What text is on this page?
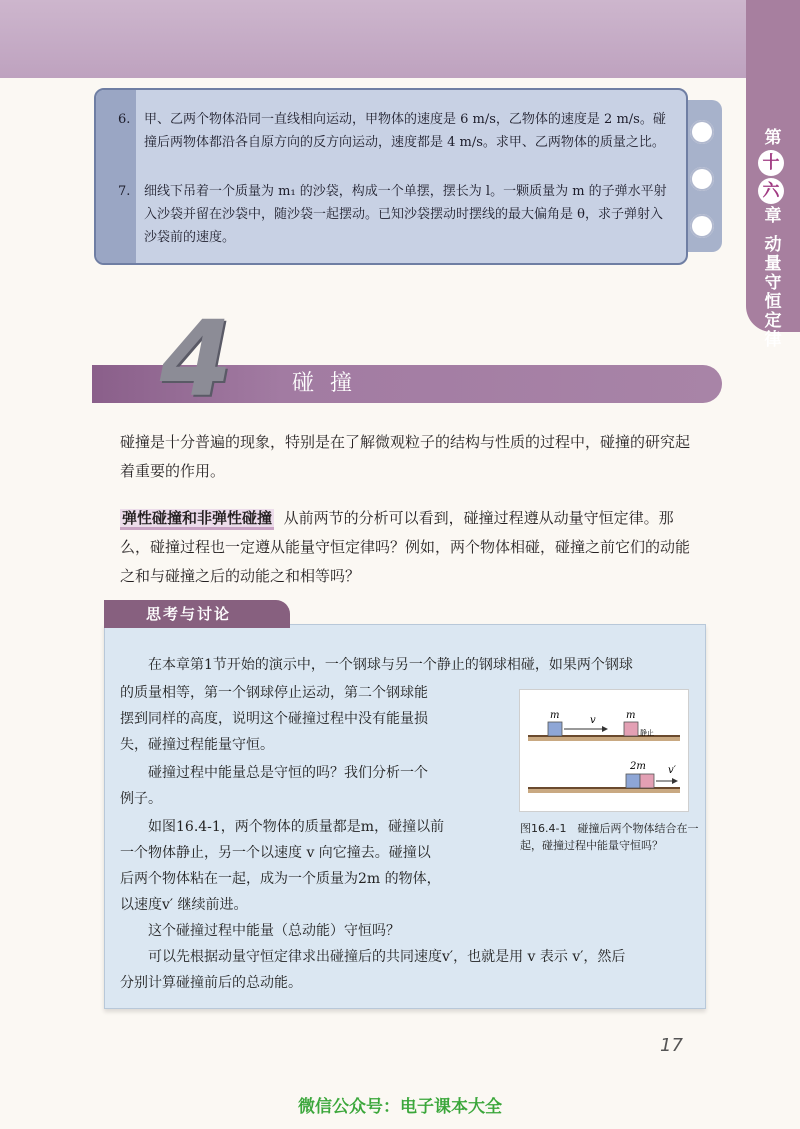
第
十
六
章
动
量
守
恒
定
律
6.	甲、乙两个物体沿同一直线相向运动，甲物体的速度是 6 m/s，乙物体的速度是 2 m/s。碰撞后两物体都沿各自原方向的反方向运动，速度都是 4 m/s。求甲、乙两物体的质量之比。
7.	细线下吊着一个质量为 m₁ 的沙袋，构成一个单摆，摆长为 l。一颗质量为 m 的子弹水平射入沙袋并留在沙袋中，随沙袋一起摆动。已知沙袋摆动时摆线的最大偏角是 θ，求子弹射入沙袋前的速度。
4	碰撞
碰撞是十分普遍的现象，特别是在了解微观粒子的结构与性质的过程中，碰撞的研究起着重要的作用。
弹性碰撞和非弹性碰撞 从前两节的分析可以看到，碰撞过程遵从动量守恒定律。那么，碰撞过程也一定遵从能量守恒定律吗？例如，两个物体相碰，碰撞之前它们的动能之和与碰撞之后的动能之和相等吗？
思考与讨论
　　在本章第1节开始的演示中，一个钢球与另一个静止的钢球相碰，如果两个钢球
的质量相等，第一个钢球停止运动，第二个钢球能
摆到同样的高度，说明这个碰撞过程中没有能量损
失，碰撞过程能量守恒。
　　碰撞过程中能量总是守恒的吗？我们分析一个
例子。
　　如图16.4-1，两个物体的质量都是m，碰撞以前
一个物体静止，另一个以速度 v 向它撞去。碰撞以
后两个物体粘在一起，成为一个质量为2m 的物体，
以速度v′ 继续前进。
　　这个碰撞过程中能量（总动能）守恒吗？
　　可以先根据动量守恒定律求出碰撞后的共同速度v′，也就是用 v 表示 v′，然后
分别计算碰撞前后的总动能。
m	v	m
静止
2m v′
图16.4-1　碰撞后两个物体结合在一起，碰撞过程中能量守恒吗？
17
微信公众号：电子课本大全
